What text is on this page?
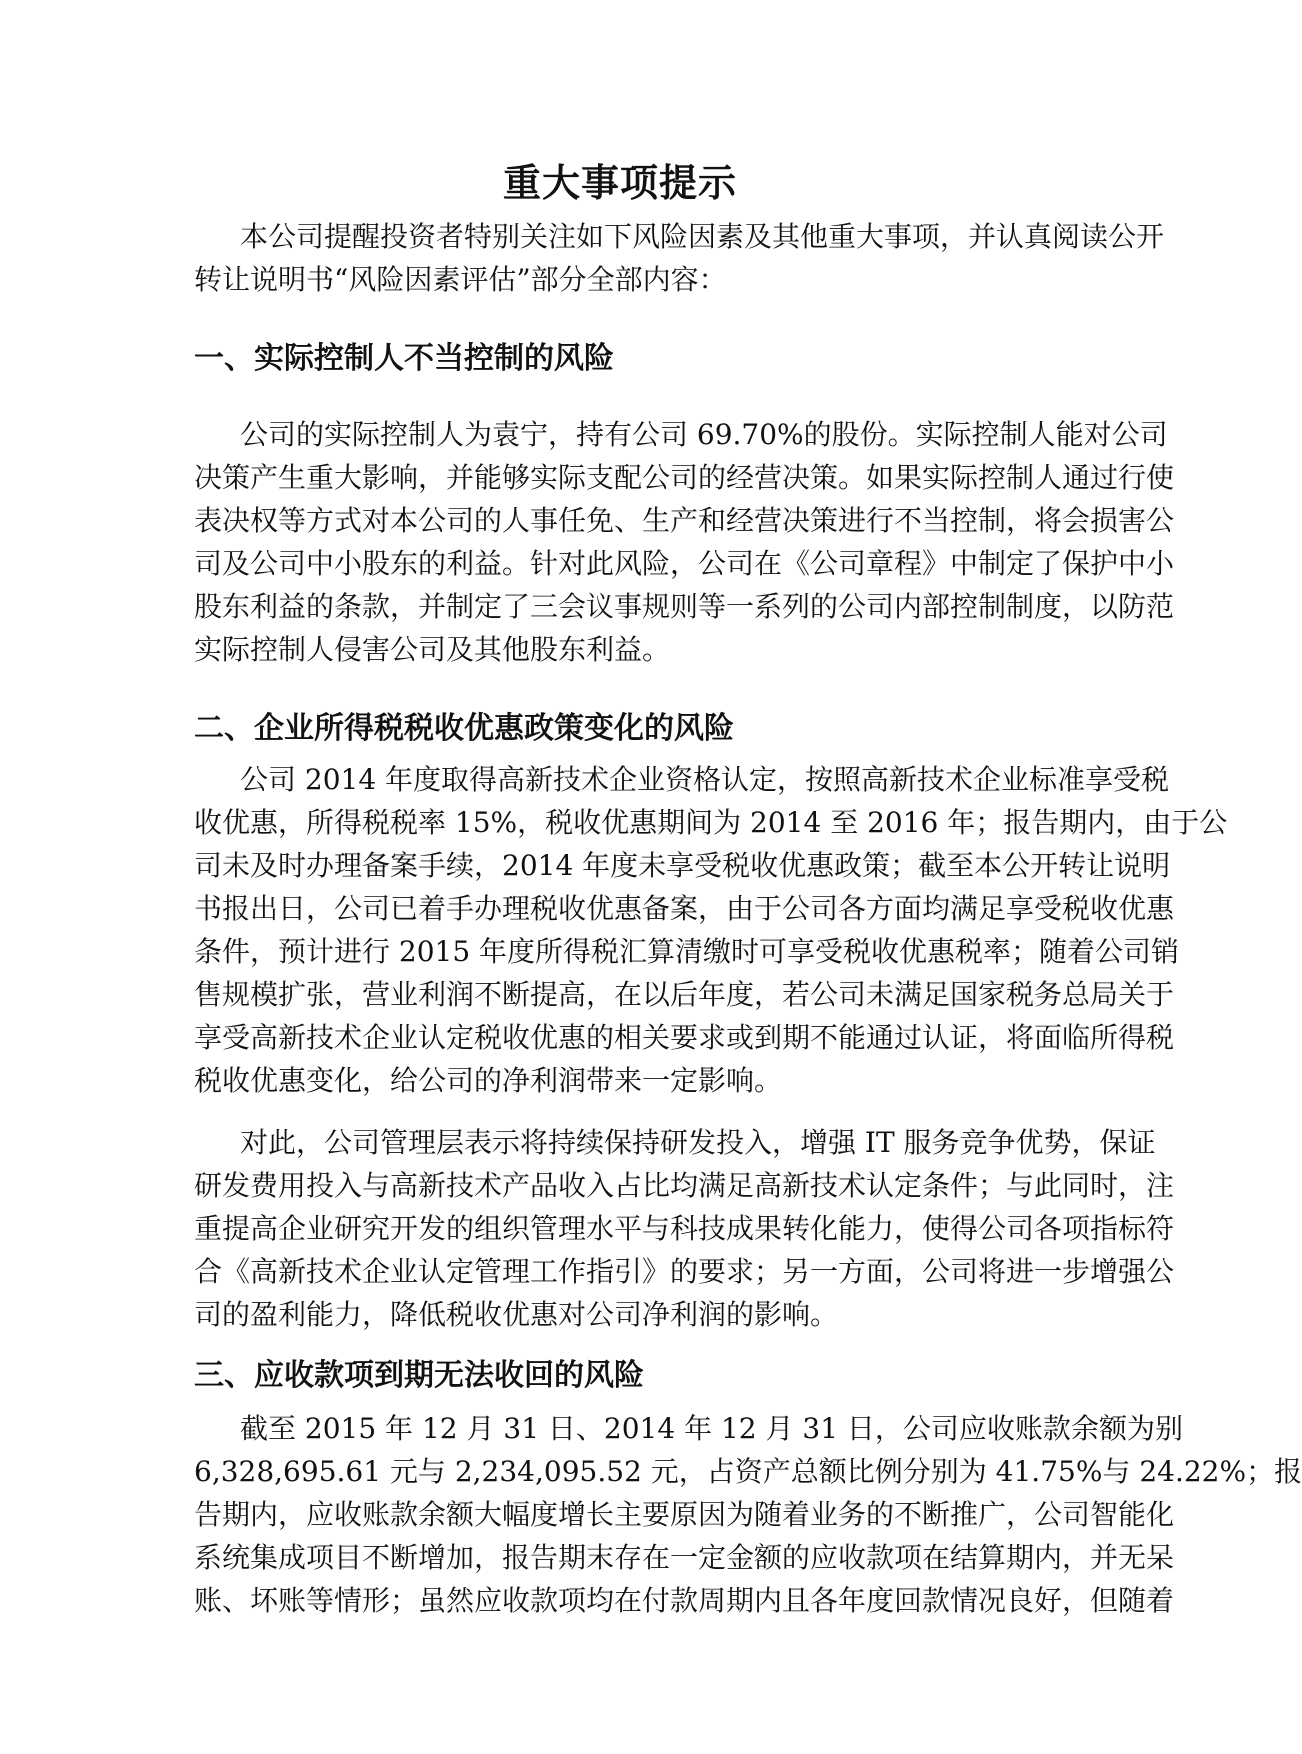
重大事项提示
本公司提醒投资者特别关注如下风险因素及其他重大事项，并认真阅读公开
转让说明书“风险因素评估”部分全部内容：
一、实际控制人不当控制的风险
公司的实际控制人为袁宁，持有公司 69.70%的股份。实际控制人能对公司
决策产生重大影响，并能够实际支配公司的经营决策。如果实际控制人通过行使
表决权等方式对本公司的人事任免、生产和经营决策进行不当控制，将会损害公
司及公司中小股东的利益。针对此风险，公司在《公司章程》中制定了保护中小
股东利益的条款，并制定了三会议事规则等一系列的公司内部控制制度，以防范
实际控制人侵害公司及其他股东利益。
二、企业所得税税收优惠政策变化的风险
公司 2014 年度取得高新技术企业资格认定，按照高新技术企业标准享受税
收优惠，所得税税率 15%，税收优惠期间为 2014 至 2016 年；报告期内，由于公
司未及时办理备案手续，2014 年度未享受税收优惠政策；截至本公开转让说明
书报出日，公司已着手办理税收优惠备案，由于公司各方面均满足享受税收优惠
条件，预计进行 2015 年度所得税汇算清缴时可享受税收优惠税率；随着公司销
售规模扩张，营业利润不断提高，在以后年度，若公司未满足国家税务总局关于
享受高新技术企业认定税收优惠的相关要求或到期不能通过认证，将面临所得税
税收优惠变化，给公司的净利润带来一定影响。
对此，公司管理层表示将持续保持研发投入，增强 IT 服务竞争优势，保证
研发费用投入与高新技术产品收入占比均满足高新技术认定条件；与此同时，注
重提高企业研究开发的组织管理水平与科技成果转化能力，使得公司各项指标符
合《高新技术企业认定管理工作指引》的要求；另一方面，公司将进一步增强公
司的盈利能力，降低税收优惠对公司净利润的影响。
三、应收款项到期无法收回的风险
截至 2015 年 12 月 31 日、2014 年 12 月 31 日，公司应收账款余额为别
6,328,695.61 元与 2,234,095.52 元，占资产总额比例分别为 41.75%与 24.22%；报
告期内，应收账款余额大幅度增长主要原因为随着业务的不断推广，公司智能化
系统集成项目不断增加，报告期末存在一定金额的应收款项在结算期内，并无呆
账、坏账等情形；虽然应收款项均在付款周期内且各年度回款情况良好，但随着
